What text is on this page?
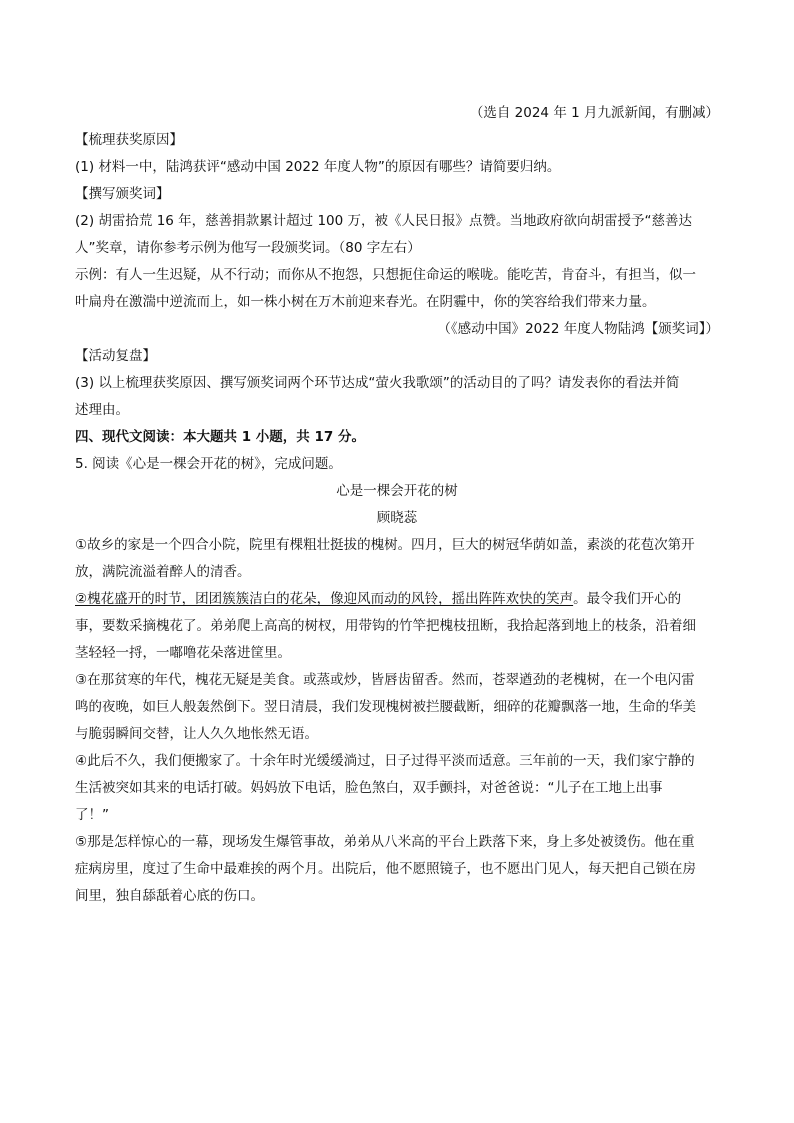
（选自 2024 年 1 月九派新闻，有删减）
【梳理获奖原因】
(1) 材料一中，陆鸿获评“感动中国 2022 年度人物”的原因有哪些？请简要归纳。
【撰写颁奖词】
(2) 胡雷拾荒 16 年，慈善捐款累计超过 100 万，被《人民日报》点赞。当地政府欲向胡雷授予“慈善达
人”奖章，请你参考示例为他写一段颁奖词。（80 字左右）
示例：有人一生迟疑，从不行动；而你从不抱怨，只想扼住命运的喉咙。能吃苦，肯奋斗，有担当，似一
叶扁舟在激湍中逆流而上，如一株小树在万木前迎来春光。在阴霾中，你的笑容给我们带来力量。
（《感动中国》2022 年度人物陆鸿【颁奖词】）
【活动复盘】
(3) 以上梳理获奖原因、撰写颁奖词两个环节达成“萤火我歌颂”的活动目的了吗？请发表你的看法并简
述理由。
四、现代文阅读：本大题共 1 小题，共 17 分。
5. 阅读《心是一棵会开花的树》，完成问题。
心是一棵会开花的树
顾晓蕊
①故乡的家是一个四合小院，院里有棵粗壮挺拔的槐树。四月，巨大的树冠华荫如盖，素淡的花苞次第开
放，满院流溢着醉人的清香。
②槐花盛开的时节，团团簇簇洁白的花朵，像迎风而动的风铃，摇出阵阵欢快的笑声。最令我们开心的
事，要数采摘槐花了。弟弟爬上高高的树杈，用带钩的竹竿把槐枝扭断，我拾起落到地上的枝条，沿着细
茎轻轻一捋，一嘟噜花朵落进筐里。
③在那贫寒的年代，槐花无疑是美食。或蒸或炒，皆唇齿留香。然而，苍翠遒劲的老槐树，在一个电闪雷
鸣的夜晚，如巨人般轰然倒下。翌日清晨，我们发现槐树被拦腰截断，细碎的花瓣飘落一地，生命的华美
与脆弱瞬间交替，让人久久地怅然无语。
④此后不久，我们便搬家了。十余年时光缓缓淌过，日子过得平淡而适意。三年前的一天，我们家宁静的
生活被突如其来的电话打破。妈妈放下电话，脸色煞白，双手颤抖，对爸爸说：“儿子在工地上出事
了！”
⑤那是怎样惊心的一幕，现场发生爆管事故，弟弟从八米高的平台上跌落下来，身上多处被烫伤。他在重
症病房里，度过了生命中最难挨的两个月。出院后，他不愿照镜子，也不愿出门见人，每天把自己锁在房
间里，独自舔舐着心底的伤口。
